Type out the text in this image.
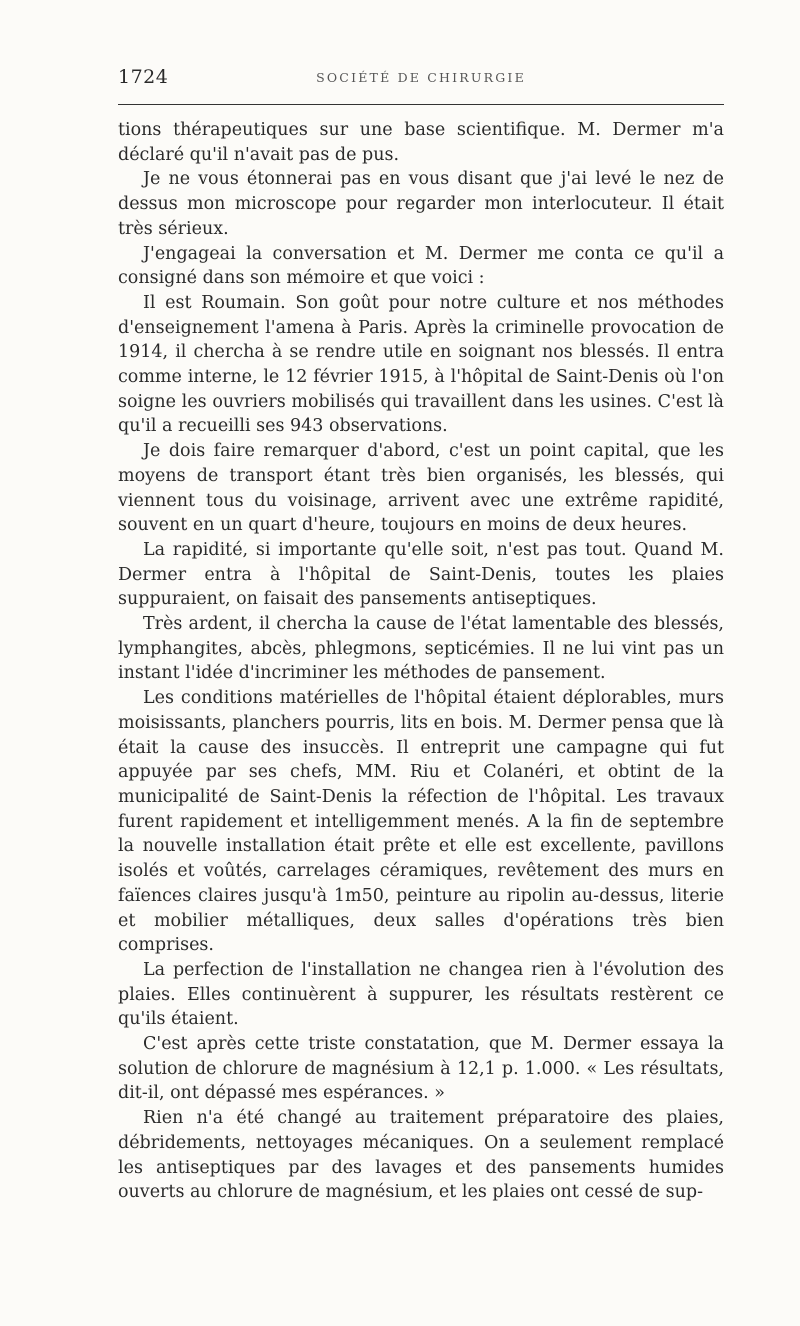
1724	SOCIÉTÉ DE CHIRURGIE

tions thérapeutiques sur une base scientifique. M. Dermer m'a déclaré qu'il n'avait pas de pus.

Je ne vous étonnerai pas en vous disant que j'ai levé le nez de dessus mon microscope pour regarder mon interlocuteur. Il était très sérieux.

J'engageai la conversation et M. Dermer me conta ce qu'il a consigné dans son mémoire et que voici :

Il est Roumain. Son goût pour notre culture et nos méthodes d'enseignement l'amena à Paris. Après la criminelle provocation de 1914, il chercha à se rendre utile en soignant nos blessés. Il entra comme interne, le 12 février 1915, à l'hôpital de Saint-Denis où l'on soigne les ouvriers mobilisés qui travaillent dans les usines. C'est là qu'il a recueilli ses 943 observations.

Je dois faire remarquer d'abord, c'est un point capital, que les moyens de transport étant très bien organisés, les blessés, qui viennent tous du voisinage, arrivent avec une extrême rapidité, souvent en un quart d'heure, toujours en moins de deux heures.

La rapidité, si importante qu'elle soit, n'est pas tout. Quand M. Dermer entra à l'hôpital de Saint-Denis, toutes les plaies suppuraient, on faisait des pansements antiseptiques.

Très ardent, il chercha la cause de l'état lamentable des blessés, lymphangites, abcès, phlegmons, septicémies. Il ne lui vint pas un instant l'idée d'incriminer les méthodes de pansement.

Les conditions matérielles de l'hôpital étaient déplorables, murs moisissants, planchers pourris, lits en bois. M. Dermer pensa que là était la cause des insuccès. Il entreprit une campagne qui fut appuyée par ses chefs, MM. Riu et Colanéri, et obtint de la municipalité de Saint-Denis la réfection de l'hôpital. Les travaux furent rapidement et intelligemment menés. A la fin de septembre la nouvelle installation était prête et elle est excellente, pavillons isolés et voûtés, carrelages céramiques, revêtement des murs en faïences claires jusqu'à 1m50, peinture au ripolin au-dessus, literie et mobilier métalliques, deux salles d'opérations très bien comprises.

La perfection de l'installation ne changea rien à l'évolution des plaies. Elles continuèrent à suppurer, les résultats restèrent ce qu'ils étaient.

C'est après cette triste constatation, que M. Dermer essaya la solution de chlorure de magnésium à 12,1 p. 1.000. « Les résultats, dit-il, ont dépassé mes espérances. »

Rien n'a été changé au traitement préparatoire des plaies, débridements, nettoyages mécaniques. On a seulement remplacé les antiseptiques par des lavages et des pansements humides ouverts au chlorure de magnésium, et les plaies ont cessé de sup-
